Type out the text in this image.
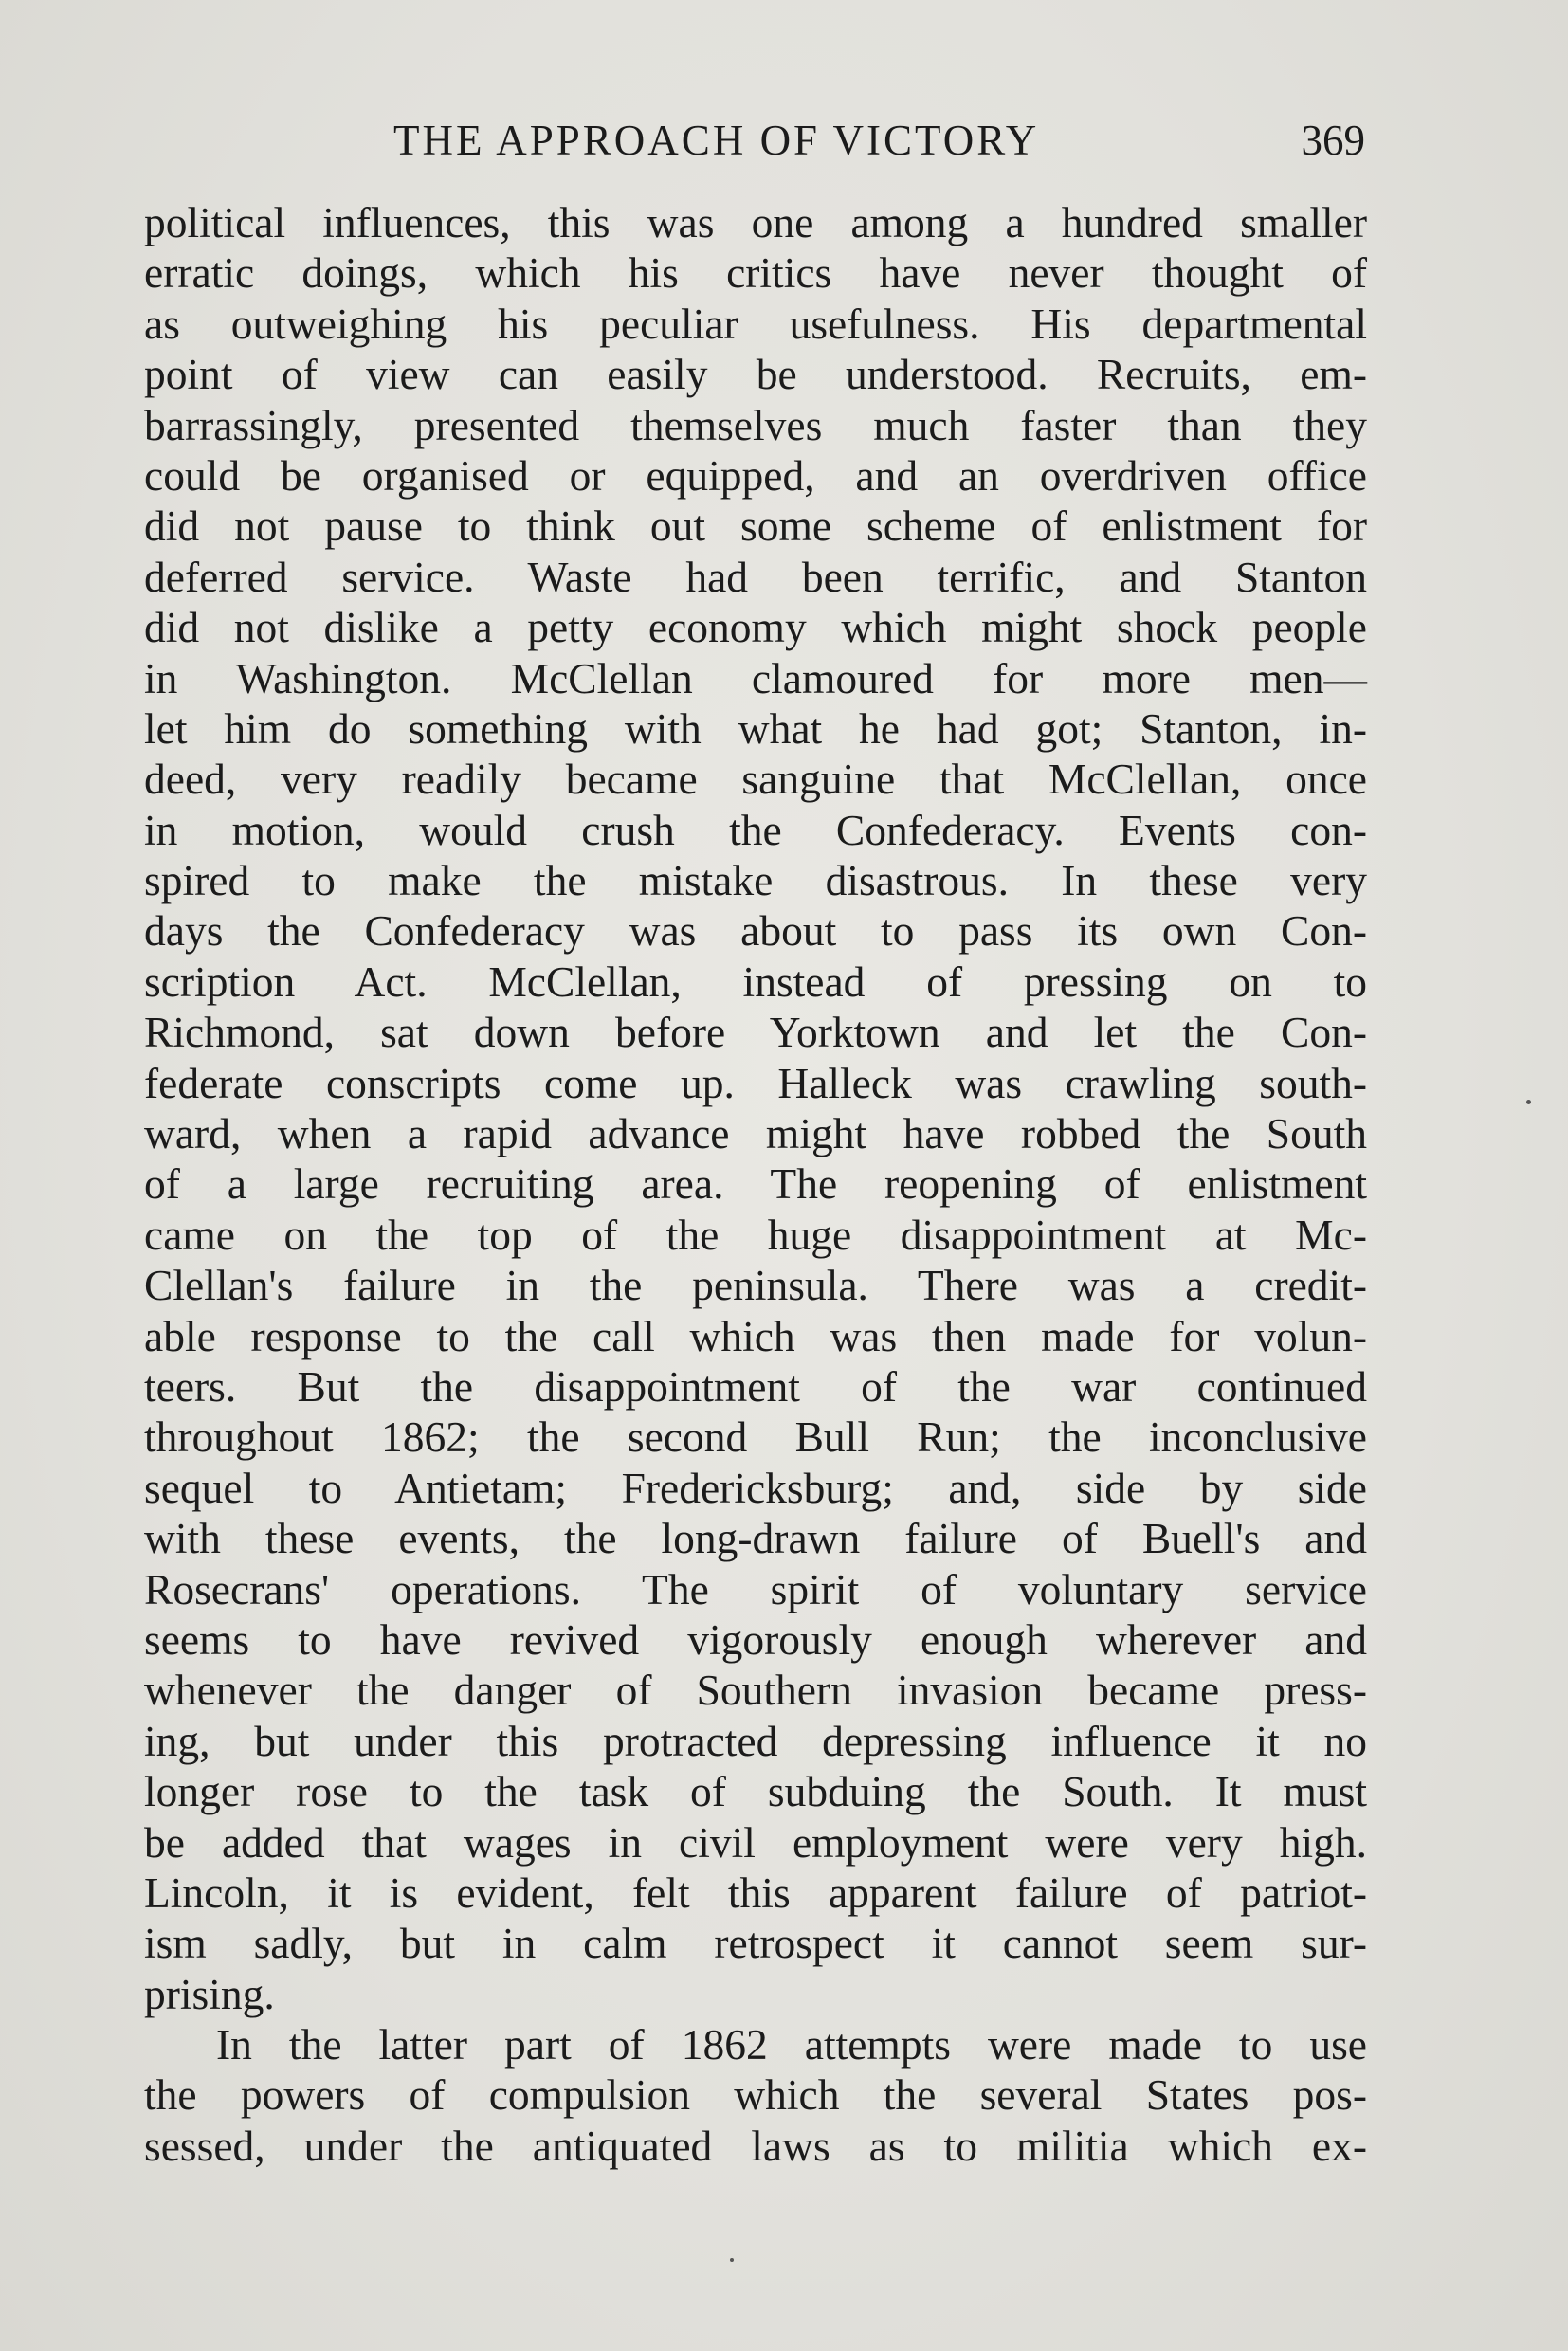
THE APPROACH OF VICTORY	369
political influences, this was one among a hundred smaller
erratic doings, which his critics have never thought of
as outweighing his peculiar usefulness. His departmental
point of view can easily be understood. Recruits, em-
barrassingly, presented themselves much faster than they
could be organised or equipped, and an overdriven office
did not pause to think out some scheme of enlistment for
deferred service. Waste had been terrific, and Stanton
did not dislike a petty economy which might shock people
in Washington. McClellan clamoured for more men—
let him do something with what he had got; Stanton, in-
deed, very readily became sanguine that McClellan, once
in motion, would crush the Confederacy. Events con-
spired to make the mistake disastrous. In these very
days the Confederacy was about to pass its own Con-
scription Act. McClellan, instead of pressing on to
Richmond, sat down before Yorktown and let the Con-
federate conscripts come up. Halleck was crawling south-
ward, when a rapid advance might have robbed the South
of a large recruiting area. The reopening of enlistment
came on the top of the huge disappointment at Mc-
Clellan's failure in the peninsula. There was a credit-
able response to the call which was then made for volun-
teers. But the disappointment of the war continued
throughout 1862; the second Bull Run; the inconclusive
sequel to Antietam; Fredericksburg; and, side by side
with these events, the long-drawn failure of Buell's and
Rosecrans' operations. The spirit of voluntary service
seems to have revived vigorously enough wherever and
whenever the danger of Southern invasion became press-
ing, but under this protracted depressing influence it no
longer rose to the task of subduing the South. It must
be added that wages in civil employment were very high.
Lincoln, it is evident, felt this apparent failure of patriot-
ism sadly, but in calm retrospect it cannot seem sur-
prising.
In the latter part of 1862 attempts were made to use
the powers of compulsion which the several States pos-
sessed, under the antiquated laws as to militia which ex-
